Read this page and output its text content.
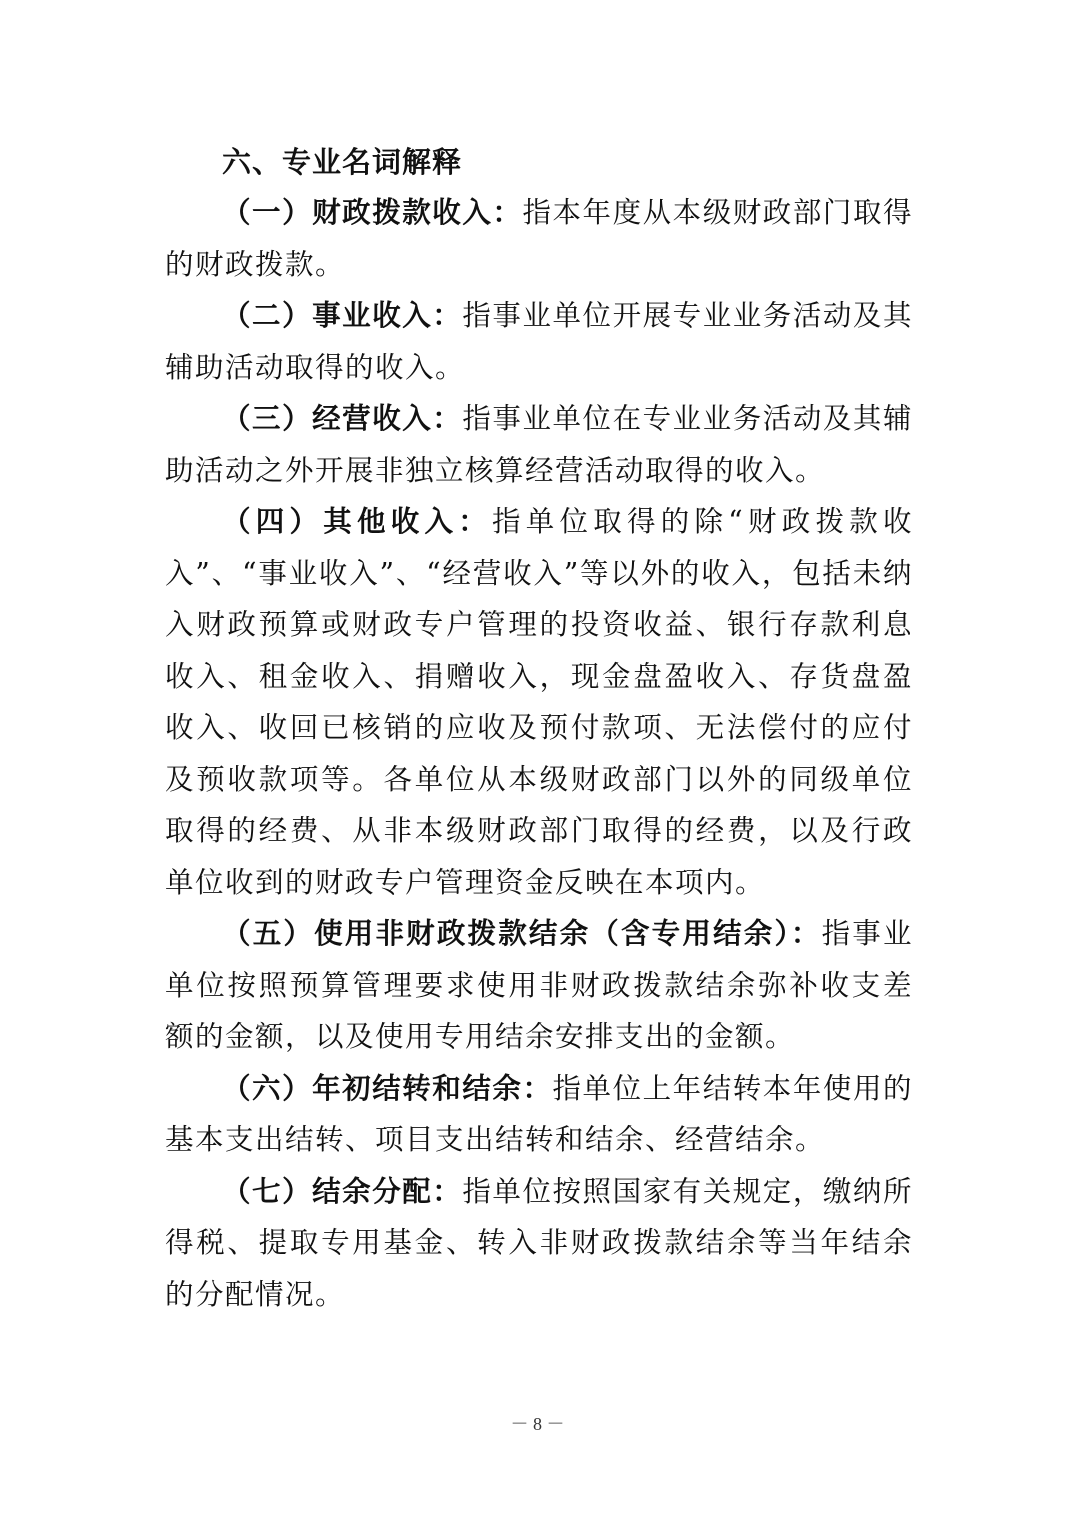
六、专业名词解释

（一）财政拨款收入：指本年度从本级财政部门取得的财政拨款。

（二）事业收入：指事业单位开展专业业务活动及其辅助活动取得的收入。

（三）经营收入：指事业单位在专业业务活动及其辅助活动之外开展非独立核算经营活动取得的收入。

（四）其他收入：指单位取得的除“财政拨款收入”、“事业收入”、“经营收入”等以外的收入，包括未纳入财政预算或财政专户管理的投资收益、银行存款利息收入、租金收入、捐赠收入，现金盘盈收入、存货盘盈收入、收回已核销的应收及预付款项、无法偿付的应付及预收款项等。各单位从本级财政部门以外的同级单位取得的经费、从非本级财政部门取得的经费，以及行政单位收到的财政专户管理资金反映在本项内。

（五）使用非财政拨款结余（含专用结余）：指事业单位按照预算管理要求使用非财政拨款结余弥补收支差额的金额，以及使用专用结余安排支出的金额。

（六）年初结转和结余：指单位上年结转本年使用的基本支出结转、项目支出结转和结余、经营结余。

（七）结余分配：指单位按照国家有关规定，缴纳所得税、提取专用基金、转入非财政拨款结余等当年结余的分配情况。

－ 8 －
